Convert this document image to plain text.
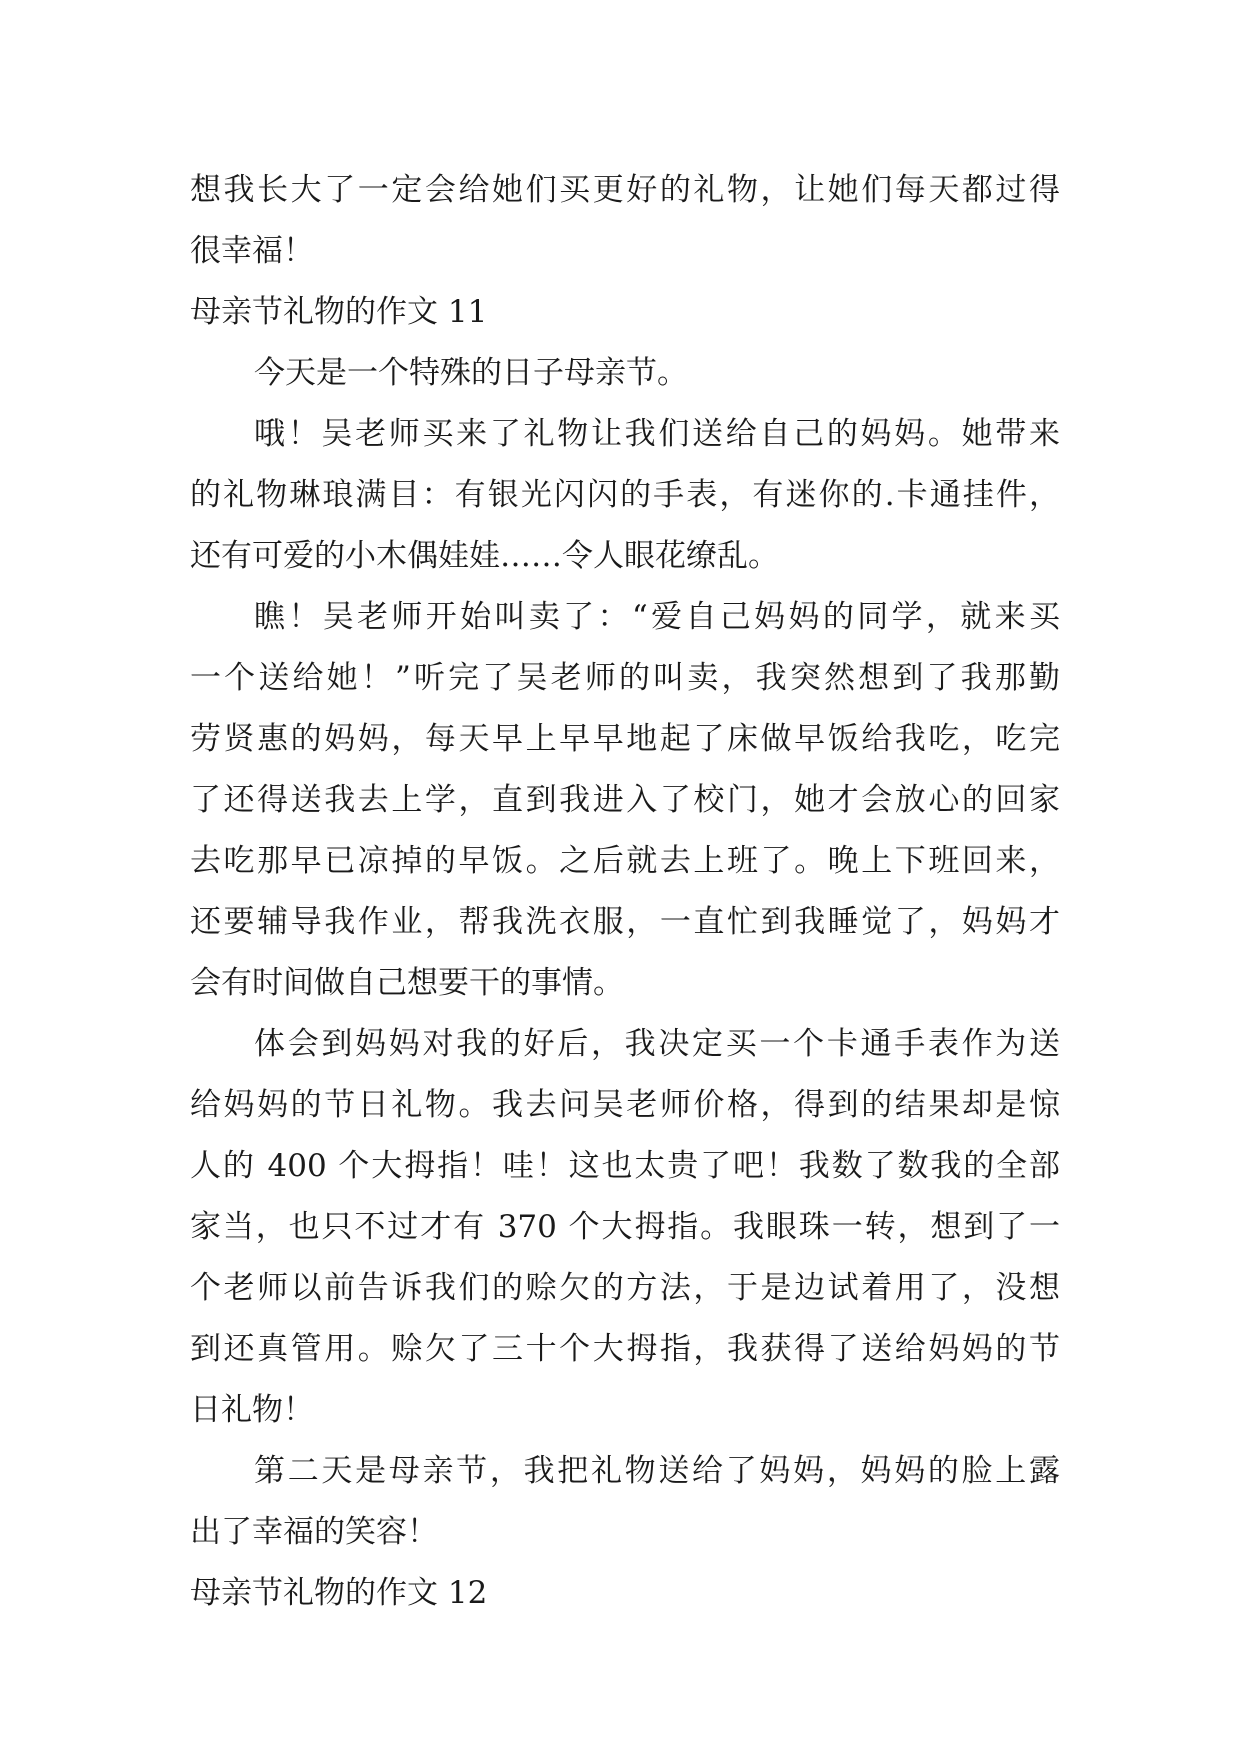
想我长大了一定会给她们买更好的礼物，让她们每天都过得
很幸福！
母亲节礼物的作文 11
今天是一个特殊的日子母亲节。
哦！吴老师买来了礼物让我们送给自己的妈妈。她带来
的礼物琳琅满目：有银光闪闪的手表，有迷你的.卡通挂件，
还有可爱的小木偶娃娃……令人眼花缭乱。
瞧！吴老师开始叫卖了：“爱自己妈妈的同学，就来买
一个送给她！”听完了吴老师的叫卖，我突然想到了我那勤
劳贤惠的妈妈，每天早上早早地起了床做早饭给我吃，吃完
了还得送我去上学，直到我进入了校门，她才会放心的回家
去吃那早已凉掉的早饭。之后就去上班了。晚上下班回来，
还要辅导我作业，帮我洗衣服，一直忙到我睡觉了，妈妈才
会有时间做自己想要干的事情。
体会到妈妈对我的好后，我决定买一个卡通手表作为送
给妈妈的节日礼物。我去问吴老师价格，得到的结果却是惊
人的 400 个大拇指！哇！这也太贵了吧！我数了数我的全部
家当，也只不过才有 370 个大拇指。我眼珠一转，想到了一
个老师以前告诉我们的赊欠的方法，于是边试着用了，没想
到还真管用。赊欠了三十个大拇指，我获得了送给妈妈的节
日礼物！
第二天是母亲节，我把礼物送给了妈妈，妈妈的脸上露
出了幸福的笑容！
母亲节礼物的作文 12
